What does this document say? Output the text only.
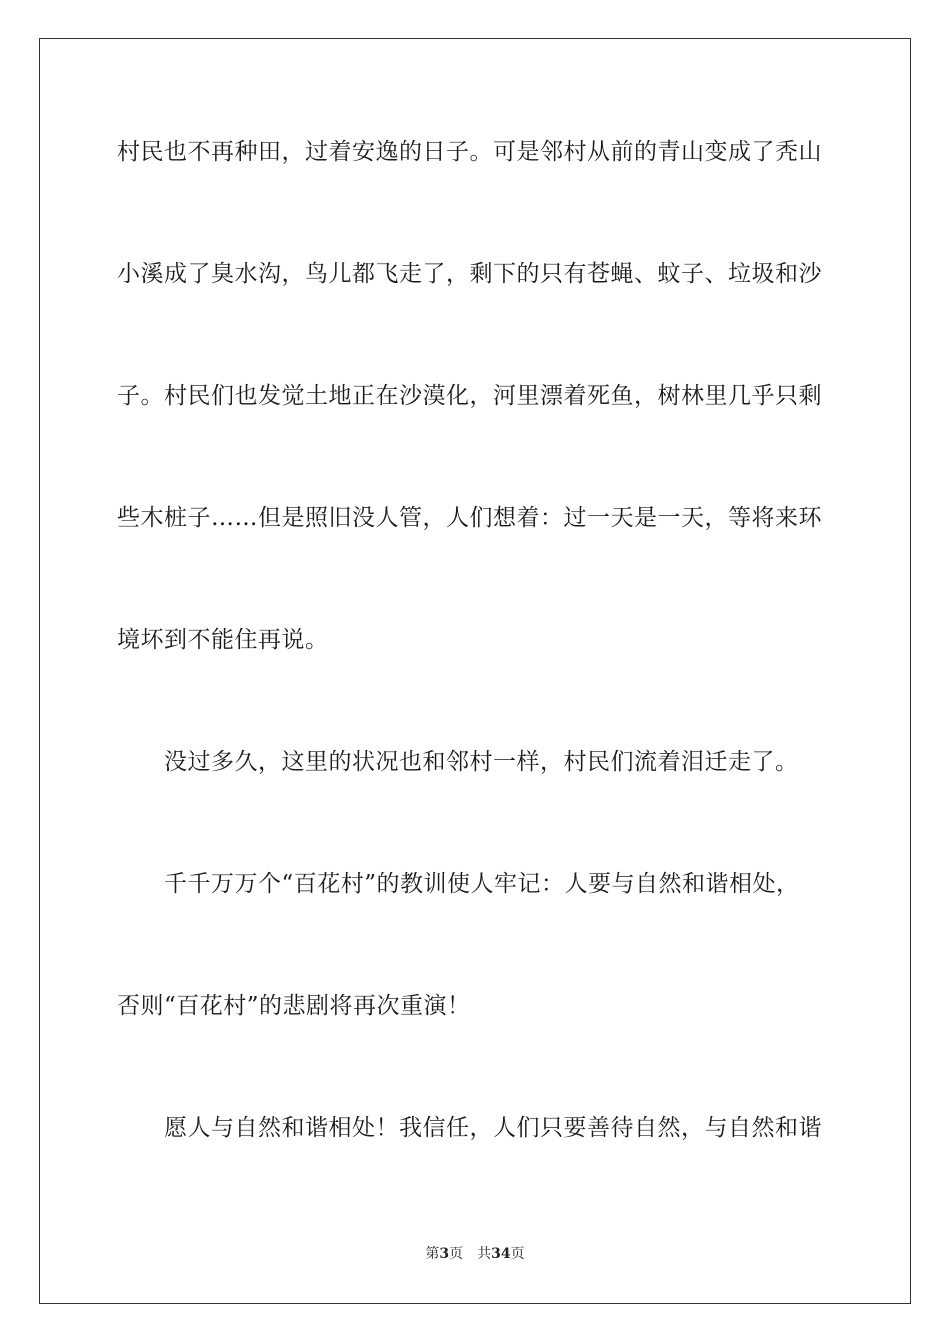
村民也不再种田，过着安逸的日子。可是邻村从前的青山变成了秃山
小溪成了臭水沟，鸟儿都飞走了，剩下的只有苍蝇、蚊子、垃圾和沙
子。村民们也发觉土地正在沙漠化，河里漂着死鱼，树林里几乎只剩
些木桩子……但是照旧没人管，人们想着：过一天是一天，等将来环
境坏到不能住再说。
没过多久，这里的状况也和邻村一样，村民们流着泪迁走了。
千千万万个“百花村”的教训使人牢记：人要与自然和谐相处，
否则“百花村”的悲剧将再次重演！
愿人与自然和谐相处！我信任，人们只要善待自然，与自然和谐
第3页 共34页
